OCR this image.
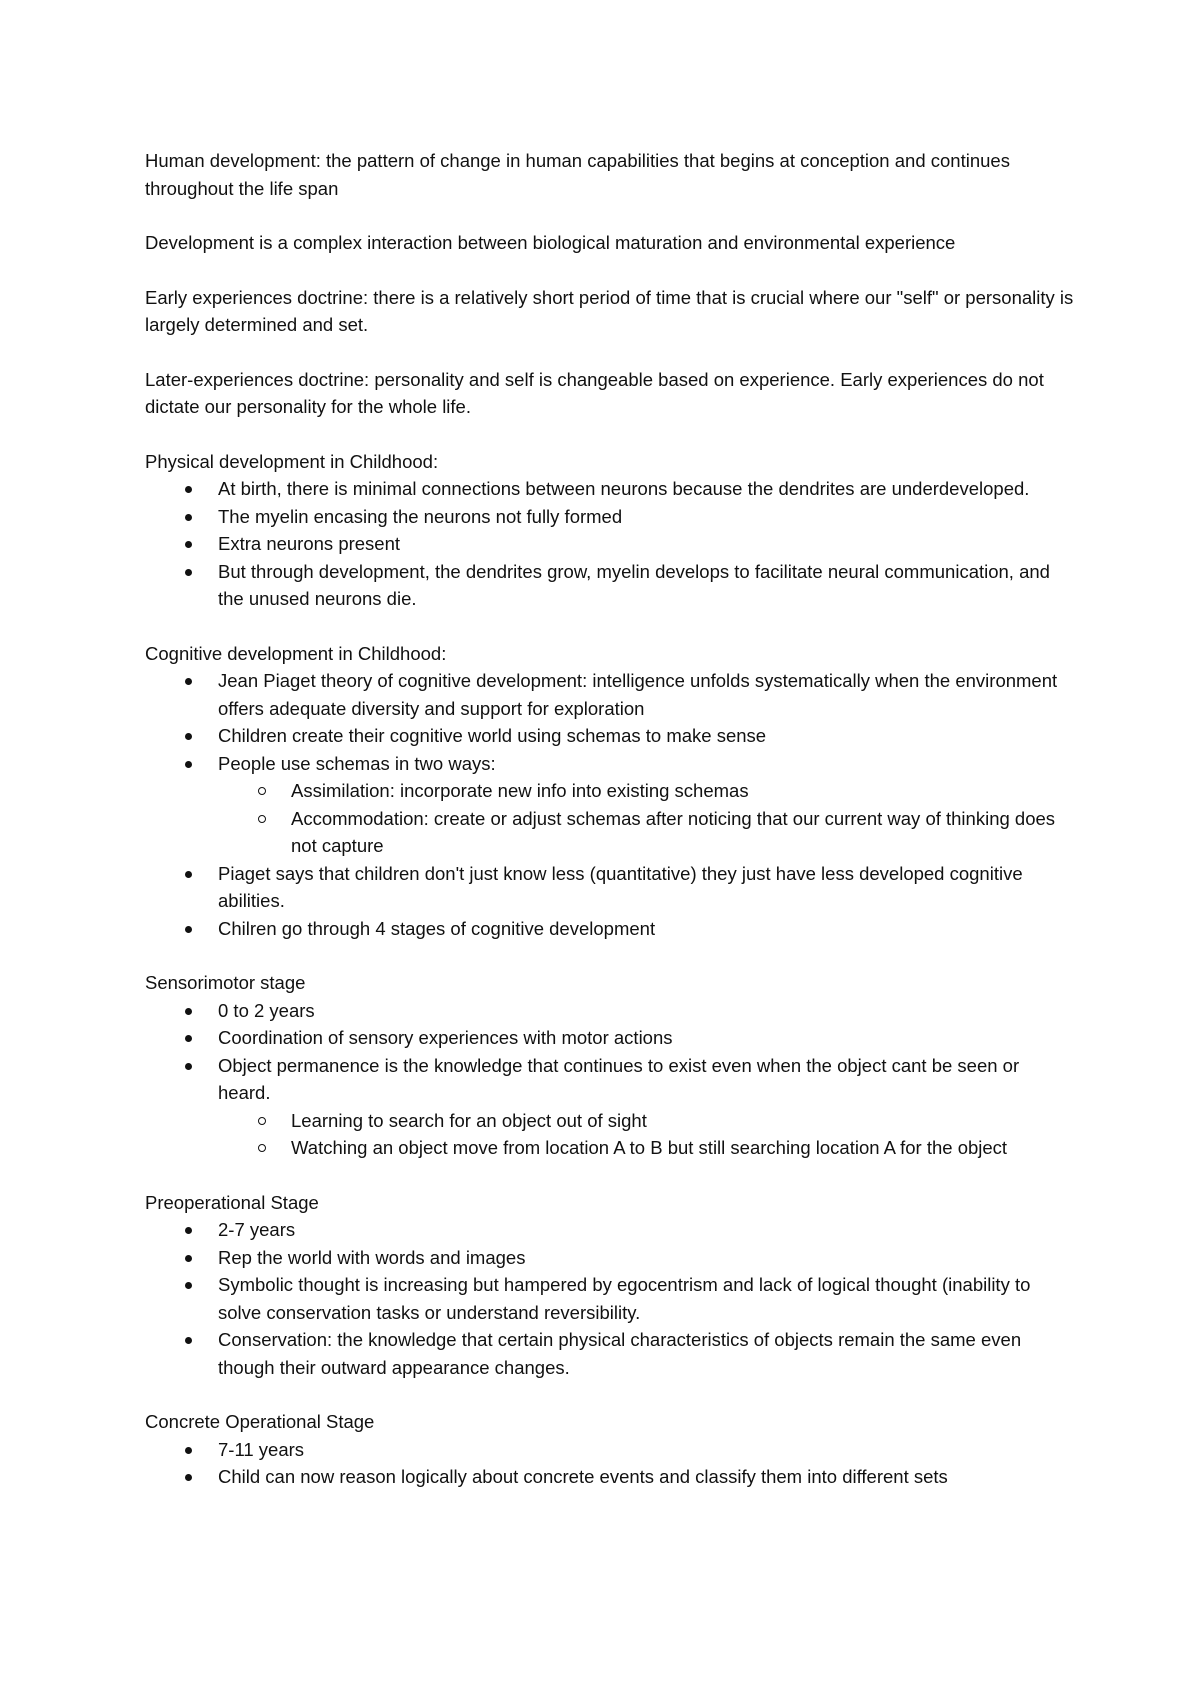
Human development: the pattern of change in human capabilities that begins at conception and continues throughout the life span

Development is a complex interaction between biological maturation and environmental experience

Early experiences doctrine: there is a relatively short period of time that is crucial where our "self" or personality is largely determined and set.

Later-experiences doctrine: personality and self is changeable based on experience. Early experiences do not dictate our personality for the whole life.

Physical development in Childhood:

At birth, there is minimal connections between neurons because the dendrites are underdeveloped.
The myelin encasing the neurons not fully formed
Extra neurons present
But through development, the dendrites grow, myelin develops to facilitate neural communication, and the unused neurons die.

Cognitive development in Childhood:

Jean Piaget theory of cognitive development: intelligence unfolds systematically when the environment offers adequate diversity and support for exploration
Children create their cognitive world using schemas to make sense
People use schemas in two ways:
Assimilation: incorporate new info into existing schemas
Accommodation: create or adjust schemas after noticing that our current way of thinking does not capture
Piaget says that children don't just know less (quantitative) they just have less developed cognitive abilities.
Chilren go through 4 stages of cognitive development

Sensorimotor stage

0 to 2 years
Coordination of sensory experiences with motor actions
Object permanence is the knowledge that continues to exist even when the object cant be seen or heard.
Learning to search for an object out of sight
Watching an object move from location A to B but still searching location A for the object

Preoperational Stage

2-7 years
Rep the world with words and images
Symbolic thought is increasing but hampered by egocentrism and lack of logical thought (inability to solve conservation tasks or understand reversibility.
Conservation: the knowledge that certain physical characteristics of objects remain the same even though their outward appearance changes.

Concrete Operational Stage

7-11 years
Child can now reason logically about concrete events and classify them into different sets
